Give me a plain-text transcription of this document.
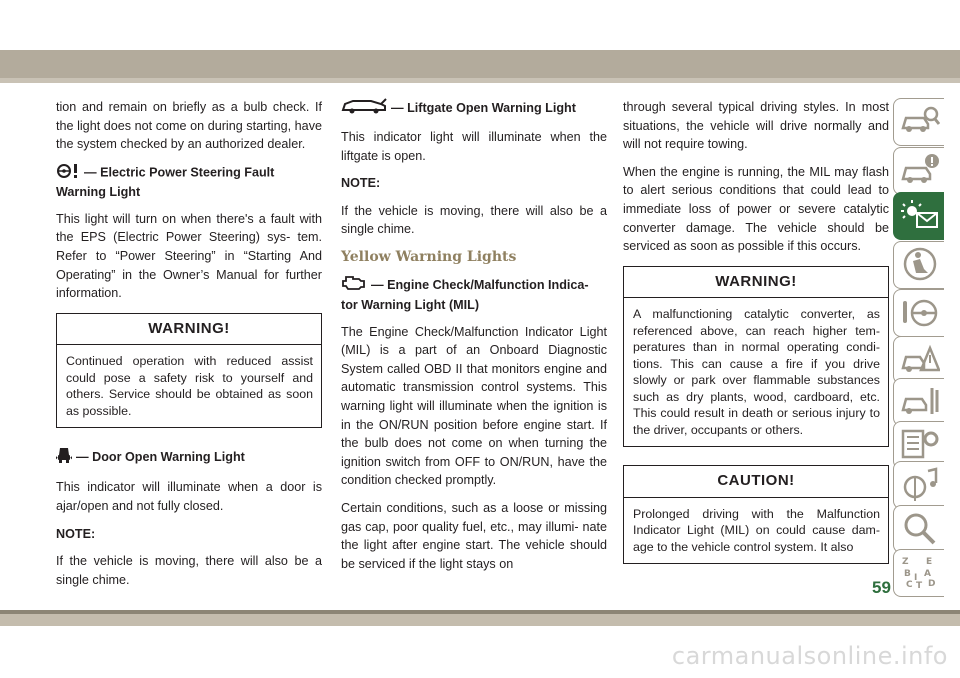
tion and remain on briefly as a bulb check. If the light does not come on during starting, have the system checked by an authorized dealer.

— Electric Power Steering Fault Warning Light

This light will turn on when there's a fault with the EPS (Electric Power Steering) sys- tem. Refer to “Power Steering” in “Starting And Operating” in the Owner’s Manual for further information.

WARNING!
Continued operation with reduced assist could pose a safety risk to yourself and others. Service should be obtained as soon as possible.
— Door Open Warning Light

This indicator will illuminate when a door is ajar/open and not fully closed.

NOTE:

If the vehicle is moving, there will also be a single chime.

— Liftgate Open Warning Light

This indicator light will illuminate when the liftgate is open.

NOTE:

If the vehicle is moving, there will also be a single chime.

Yellow Warning Lights
— Engine Check/Malfunction Indica- tor Warning Light (MIL)

The Engine Check/Malfunction Indicator Light (MIL) is a part of an Onboard Diagnostic System called OBD II that monitors engine and automatic transmission control systems. This warning light will illuminate when the ignition is in the ON/RUN position before engine start. If the bulb does not come on when turning the ignition switch from OFF to ON/RUN, have the condition checked promptly.

Certain conditions, such as a loose or missing gas cap, poor quality fuel, etc., may illumi- nate the light after engine start. The vehicle should be serviced if the light stays on

through several typical driving styles. In most situations, the vehicle will drive normally and will not require towing.

When the engine is running, the MIL may flash to alert serious conditions that could lead to immediate loss of power or severe catalytic converter damage. The vehicle should be serviced as soon as possible if this occurs.

WARNING!
A malfunctioning catalytic converter, as referenced above, can reach higher tem- peratures than in normal operating condi- tions. This can cause a fire if you drive slowly or park over flammable substances such as dry plants, wood, cardboard, etc. This could result in death or serious injury to the driver, occupants or others.
CAUTION!
Prolonged driving with the Malfunction Indicator Light (MIL) on could cause dam- age to the vehicle control system. It also
Z E
B A
I
C T D
59
carmanualsonline.info
